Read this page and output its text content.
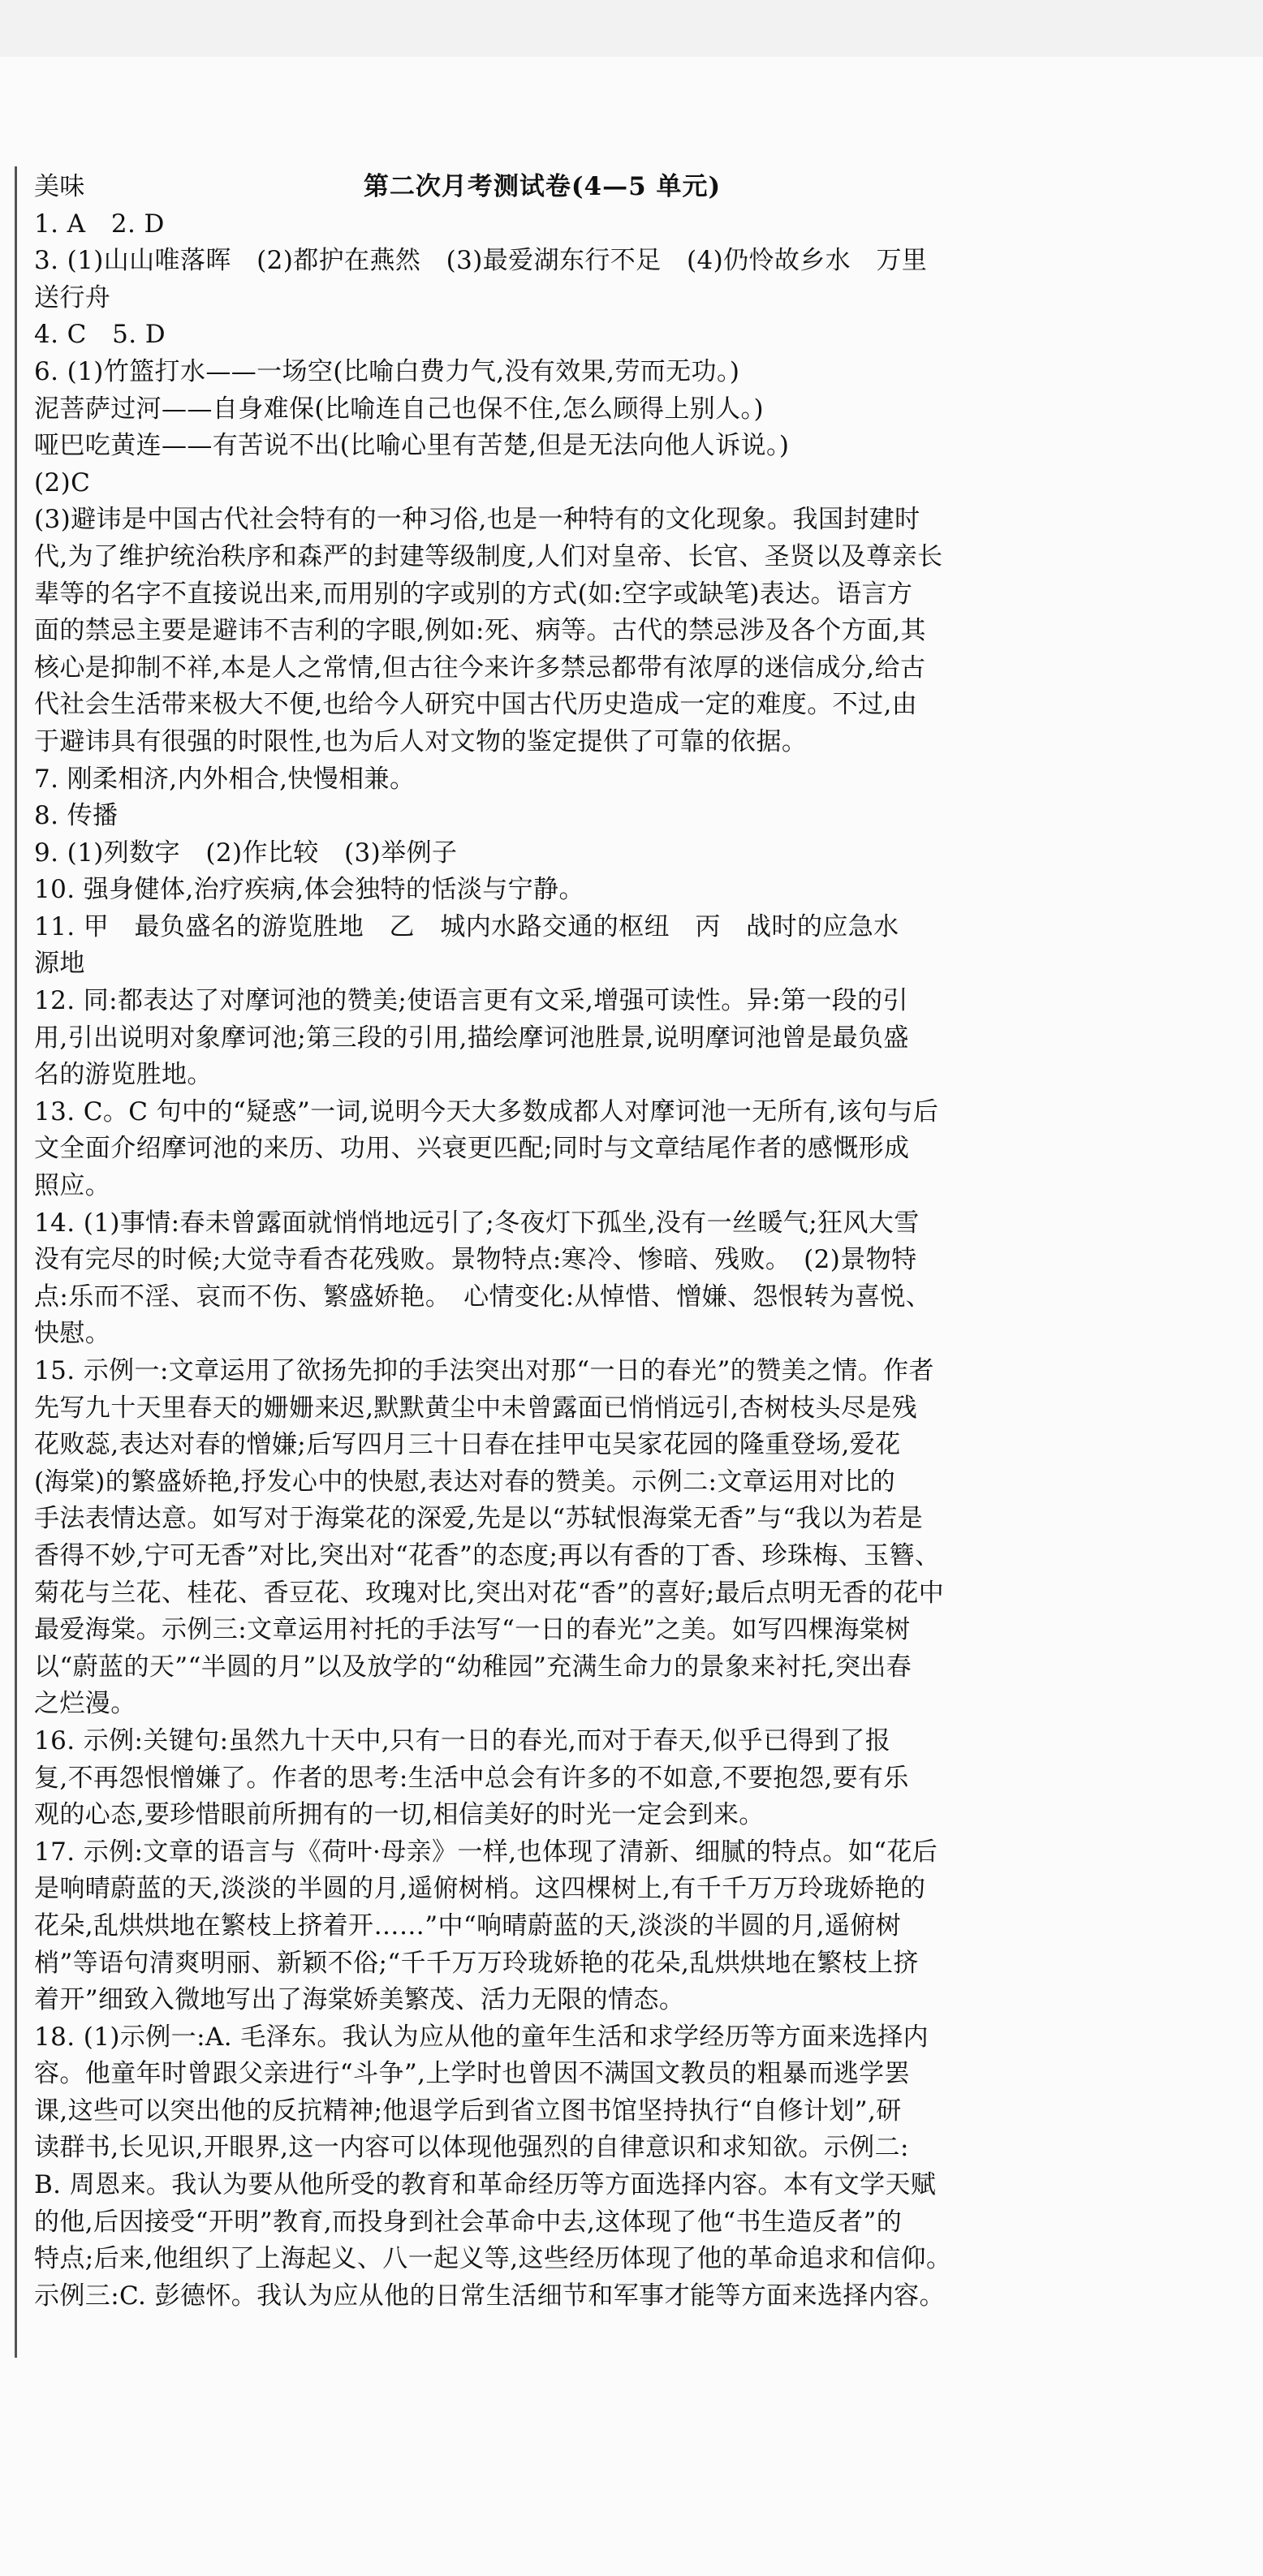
美味	第二次月考测试卷(4—5 单元)
1. A　2. D
3. (1)山山唯落晖　(2)都护在燕然　(3)最爱湖东行不足　(4)仍怜故乡水　万里
送行舟
4. C　5. D
6. (1)竹篮打水——一场空(比喻白费力气,没有效果,劳而无功。)
泥菩萨过河——自身难保(比喻连自己也保不住,怎么顾得上别人。)
哑巴吃黄连——有苦说不出(比喻心里有苦楚,但是无法向他人诉说。)
(2)C
(3)避讳是中国古代社会特有的一种习俗,也是一种特有的文化现象。我国封建时
代,为了维护统治秩序和森严的封建等级制度,人们对皇帝、长官、圣贤以及尊亲长
辈等的名字不直接说出来,而用别的字或别的方式(如:空字或缺笔)表达。语言方
面的禁忌主要是避讳不吉利的字眼,例如:死、病等。古代的禁忌涉及各个方面,其
核心是抑制不祥,本是人之常情,但古往今来许多禁忌都带有浓厚的迷信成分,给古
代社会生活带来极大不便,也给今人研究中国古代历史造成一定的难度。不过,由
于避讳具有很强的时限性,也为后人对文物的鉴定提供了可靠的依据。
7. 刚柔相济,内外相合,快慢相兼。
8. 传播
9. (1)列数字　(2)作比较　(3)举例子
10. 强身健体,治疗疾病,体会独特的恬淡与宁静。
11. 甲　最负盛名的游览胜地　乙　城内水路交通的枢纽　丙　战时的应急水
源地
12. 同:都表达了对摩诃池的赞美;使语言更有文采,增强可读性。异:第一段的引
用,引出说明对象摩诃池;第三段的引用,描绘摩诃池胜景,说明摩诃池曾是最负盛
名的游览胜地。
13. C。C 句中的“疑惑”一词,说明今天大多数成都人对摩诃池一无所有,该句与后
文全面介绍摩诃池的来历、功用、兴衰更匹配;同时与文章结尾作者的感慨形成
照应。
14. (1)事情:春未曾露面就悄悄地远引了;冬夜灯下孤坐,没有一丝暖气;狂风大雪
没有完尽的时候;大觉寺看杏花残败。景物特点:寒冷、惨暗、残败。　(2)景物特
点:乐而不淫、哀而不伤、繁盛娇艳。　心情变化:从悼惜、憎嫌、怨恨转为喜悦、
快慰。
15. 示例一:文章运用了欲扬先抑的手法突出对那“一日的春光”的赞美之情。作者
先写九十天里春天的姗姗来迟,默默黄尘中未曾露面已悄悄远引,杏树枝头尽是残
花败蕊,表达对春的憎嫌;后写四月三十日春在挂甲屯吴家花园的隆重登场,爱花
(海棠)的繁盛娇艳,抒发心中的快慰,表达对春的赞美。示例二:文章运用对比的
手法表情达意。如写对于海棠花的深爱,先是以“苏轼恨海棠无香”与“我以为若是
香得不妙,宁可无香”对比,突出对“花香”的态度;再以有香的丁香、珍珠梅、玉簪、
菊花与兰花、桂花、香豆花、玫瑰对比,突出对花“香”的喜好;最后点明无香的花中
最爱海棠。示例三:文章运用衬托的手法写“一日的春光”之美。如写四棵海棠树
以“蔚蓝的天”“半圆的月”以及放学的“幼稚园”充满生命力的景象来衬托,突出春
之烂漫。
16. 示例:关键句:虽然九十天中,只有一日的春光,而对于春天,似乎已得到了报
复,不再怨恨憎嫌了。作者的思考:生活中总会有许多的不如意,不要抱怨,要有乐
观的心态,要珍惜眼前所拥有的一切,相信美好的时光一定会到来。
17. 示例:文章的语言与《荷叶·母亲》一样,也体现了清新、细腻的特点。如“花后
是响晴蔚蓝的天,淡淡的半圆的月,遥俯树梢。这四棵树上,有千千万万玲珑娇艳的
花朵,乱烘烘地在繁枝上挤着开……”中“响晴蔚蓝的天,淡淡的半圆的月,遥俯树
梢”等语句清爽明丽、新颖不俗;“千千万万玲珑娇艳的花朵,乱烘烘地在繁枝上挤
着开”细致入微地写出了海棠娇美繁茂、活力无限的情态。
18. (1)示例一:A. 毛泽东。我认为应从他的童年生活和求学经历等方面来选择内
容。他童年时曾跟父亲进行“斗争”,上学时也曾因不满国文教员的粗暴而逃学罢
课,这些可以突出他的反抗精神;他退学后到省立图书馆坚持执行“自修计划”,研
读群书,长见识,开眼界,这一内容可以体现他强烈的自律意识和求知欲。示例二:
B. 周恩来。我认为要从他所受的教育和革命经历等方面选择内容。本有文学天赋
的他,后因接受“开明”教育,而投身到社会革命中去,这体现了他“书生造反者”的
特点;后来,他组织了上海起义、八一起义等,这些经历体现了他的革命追求和信仰。
示例三:C. 彭德怀。我认为应从他的日常生活细节和军事才能等方面来选择内容。
